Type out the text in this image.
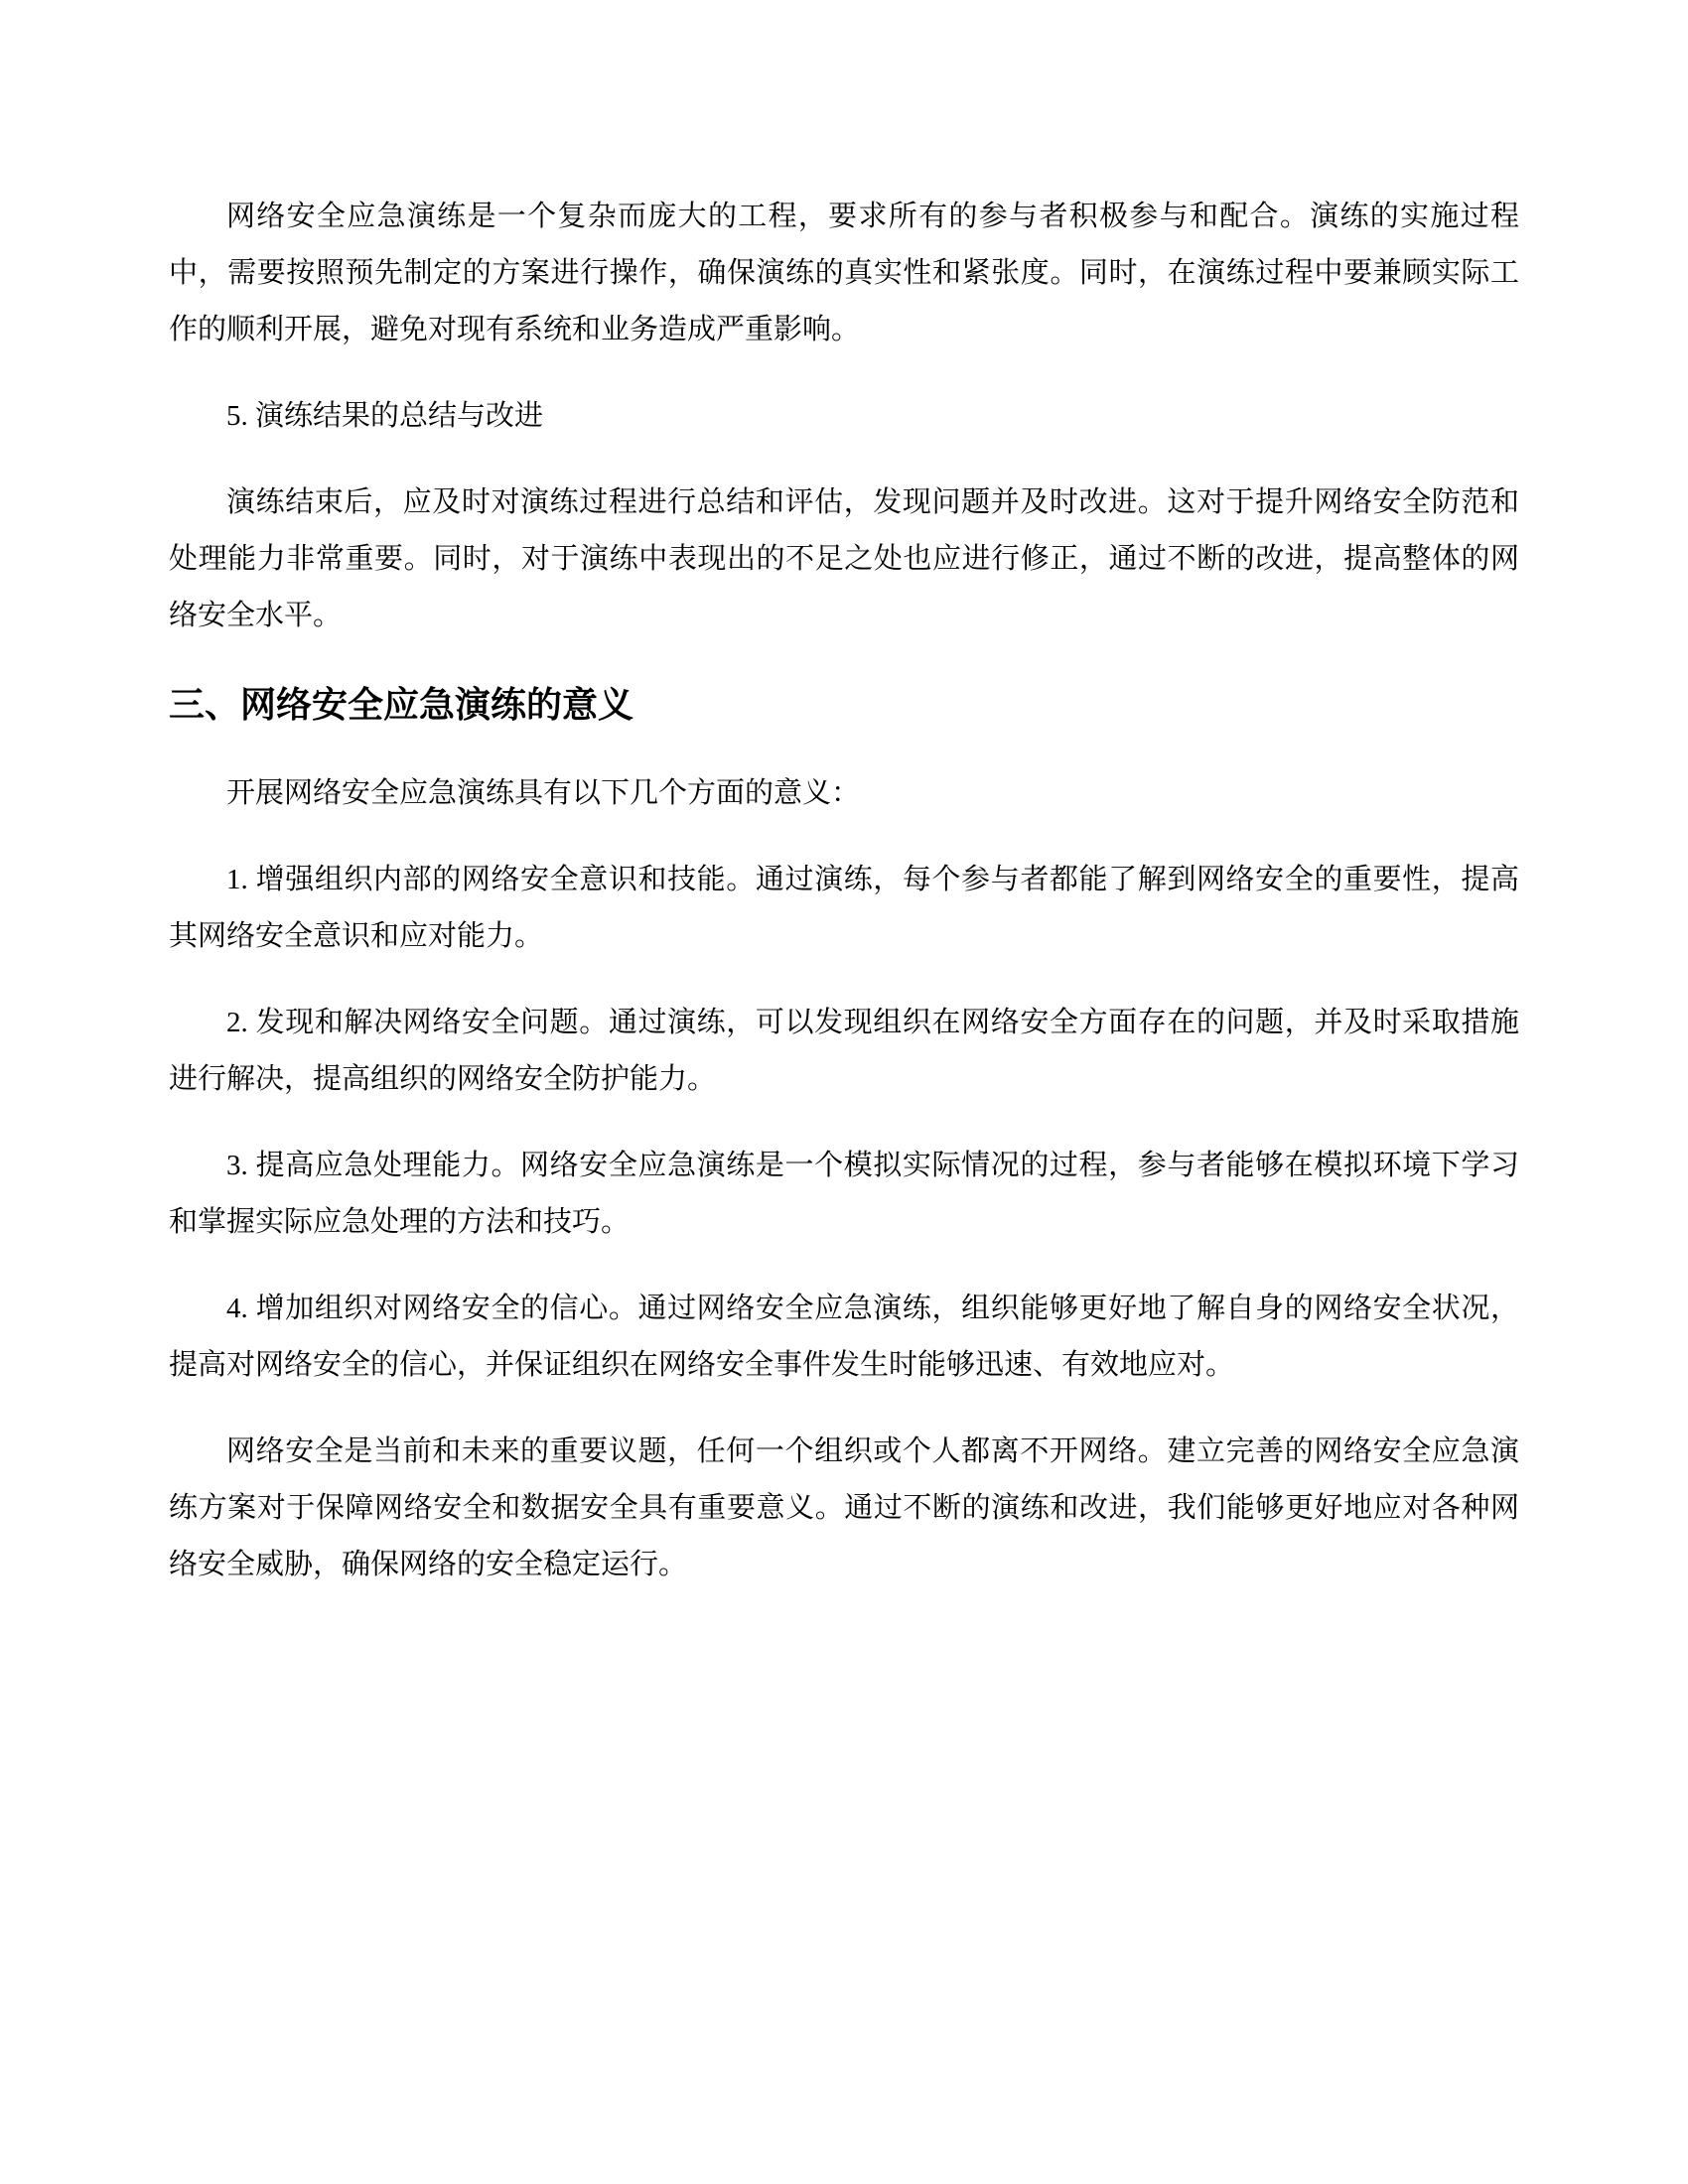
网络安全应急演练是一个复杂而庞大的工程，要求所有的参与者积极参与和配合。演练的实施过程中，需要按照预先制定的方案进行操作，确保演练的真实性和紧张度。同时，在演练过程中要兼顾实际工作的顺利开展，避免对现有系统和业务造成严重影响。

5. 演练结果的总结与改进

演练结束后，应及时对演练过程进行总结和评估，发现问题并及时改进。这对于提升网络安全防范和处理能力非常重要。同时，对于演练中表现出的不足之处也应进行修正，通过不断的改进，提高整体的网络安全水平。

三、网络安全应急演练的意义

开展网络安全应急演练具有以下几个方面的意义：

1. 增强组织内部的网络安全意识和技能。通过演练，每个参与者都能了解到网络安全的重要性，提高其网络安全意识和应对能力。

2. 发现和解决网络安全问题。通过演练，可以发现组织在网络安全方面存在的问题，并及时采取措施进行解决，提高组织的网络安全防护能力。

3. 提高应急处理能力。网络安全应急演练是一个模拟实际情况的过程，参与者能够在模拟环境下学习和掌握实际应急处理的方法和技巧。

4. 增加组织对网络安全的信心。通过网络安全应急演练，组织能够更好地了解自身的网络安全状况，提高对网络安全的信心，并保证组织在网络安全事件发生时能够迅速、有效地应对。

网络安全是当前和未来的重要议题，任何一个组织或个人都离不开网络。建立完善的网络安全应急演练方案对于保障网络安全和数据安全具有重要意义。通过不断的演练和改进，我们能够更好地应对各种网络安全威胁，确保网络的安全稳定运行。
